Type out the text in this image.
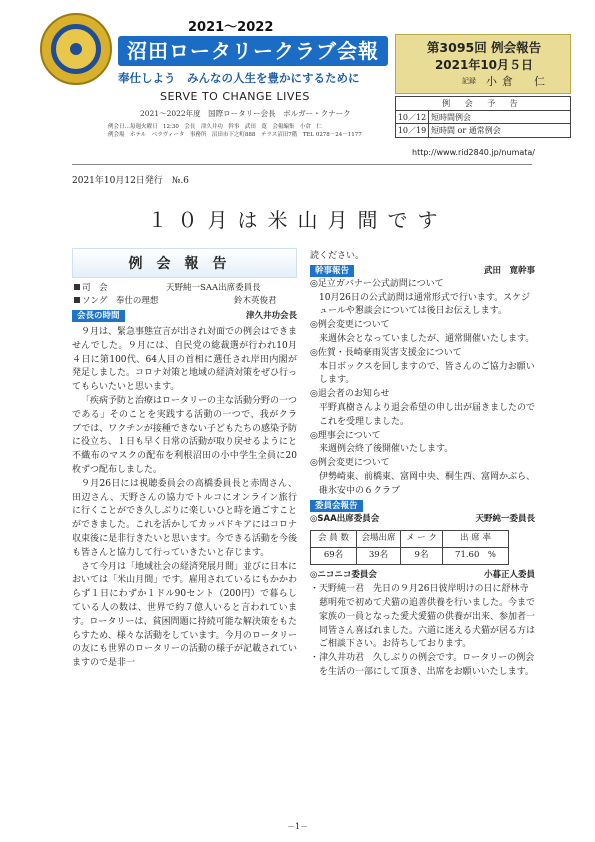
2021～2022
沼田ロータリークラブ会報
奉仕しよう　みんなの人生を豊かにするために
SERVE TO CHANGE LIVES
2021～2022年度　国際ロータリー会長　ボルガー・クナーク
例会日…毎週火曜日　12:30　会長　津久井功　幹事　武田　寛　会報編集　小倉　仁
例会場　ホテル　ベラヴィータ　事務所　沼田市下之町888　テラス沼田7階　TEL 0278－24－1177
第3095回 例会報告
2021年10月５日
記録 小倉　仁
例 会 予 告
10／12 短時間例会
10／19 短時間 or 通常例会
http://www.rid2840.jp/numata/
2021年10月12日発行　№.6
１０月は米山月間です
例会報告
司　会	天野純一SAA出席委員長
ソング　奉仕の理想	鈴木英俊君
会長の時間	津久井功会長

９月は、緊急事態宣言が出され対面での例会はできませんでした。９月には、自民党の総裁選が行われ10月４日に第100代、64人目の首相に選任され岸田内閣が発足しました。コロナ対策と地域の経済対策をぜひ行ってもらいたいと思います。

「疾病予防と治療はロータリーの主な活動分野の一つである」そのことを実践する活動の一つで、我がクラブでは、ワクチンが接種できない子どもたちの感染予防に役立ち、１日も早く日常の活動が取り戻せるようにと不織布のマスクの配布を利根沼田の小中学生全員に20枚ずつ配布しました。

９月26日には視聴委員会の高橋委員長と赤間さん、田辺さん、天野さんの協力でトルコにオンライン旅行に行くことができ久しぶりに楽しいひと時を過ごすことができました。これを活かしてカッパドキアにはコロナ収束後に是非行きたいと思います。今できる活動を今後も皆さんと協力して行っていきたいと存じます。

さて今月は「地域社会の経済発展月間」並びに日本においては「米山月間」です。雇用されているにもかかわらず１日にわずか１ドル90セント（200円）で暮らしている人の数は、世界で約７億人いると言われています。ロータリーは、貧困問題に持続可能な解決策をもたらすため、様々な活動をしています。今月のロータリーの友にも世界のロータリーの活動の様子が記載されていますので是非一

読ください。
幹事報告	武田　寛幹事
◎足立ガバナー公式訪問について
10月26日の公式訪問は通常形式で行います。スケジュールや懇談会については後日お伝えします。
◎例会変更について
来週休会となっていましたが、通常開催いたします。
◎佐賀・長崎豪雨災害支援金について
本日ボックスを回しますので、皆さんのご協力お願いします。
◎退会者のお知らせ
平野真樹さんより退会希望の申し出が届きましたのでこれを受理しました。
◎理事会について
来週例会終了後開催いたします。
◎例会変更について
伊勢崎東、前橋東、富岡中央、桐生西、富岡かぶら、碓氷安中の６クラブ
委員会報告
◎SAA出席委員会	天野純一委員長
会 員 数	会場出席	メ ー ク	出 席 率
69名	39名	9名	71.60　%
◎ニコニコ委員会	小暮正人委員
・天野純一君　先日の９月26日彼岸明けの日に舒林寺慈明苑で初めて犬猫の追善供養を行いました。今まで家族の一員となった愛犬愛猫の供養が出来、参加者一同皆さん喜ばれました。六道に迷える犬猫が居る方はご相談下さい。お待ちしております。
・津久井功君　久しぶりの例会です。ロータリーの例会を生活の一部にして頂き、出席をお願いいたします。
－1－
